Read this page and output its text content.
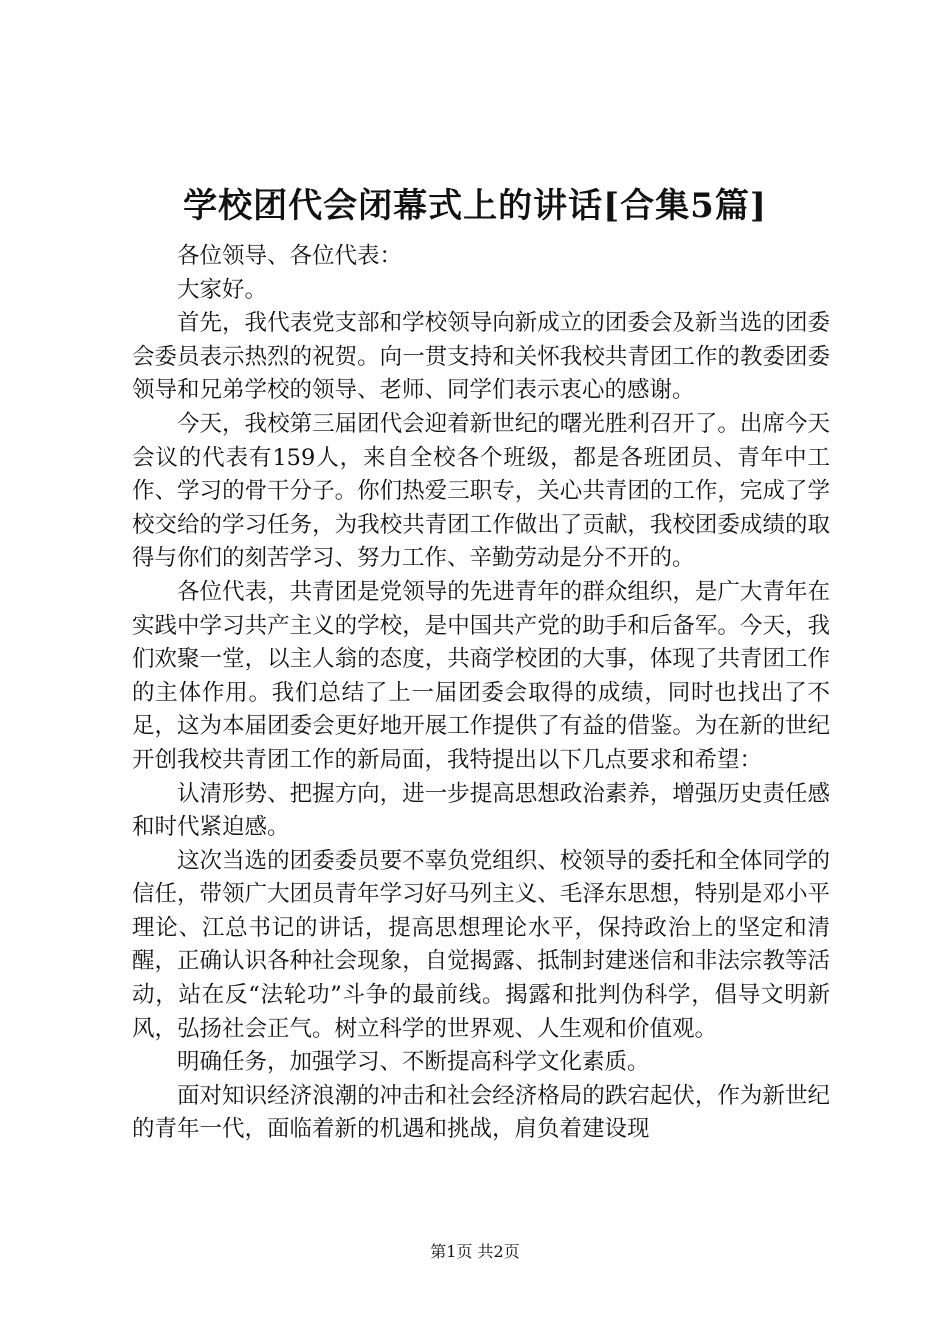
学校团代会闭幕式上的讲话[合集5篇]

各位领导、各位代表：

大家好。

首先，我代表党支部和学校领导向新成立的团委会及新当选的团委会委员表示热烈的祝贺。向一贯支持和关怀我校共青团工作的教委团委领导和兄弟学校的领导、老师、同学们表示衷心的感谢。

今天，我校第三届团代会迎着新世纪的曙光胜利召开了。出席今天会议的代表有159人，来自全校各个班级，都是各班团员、青年中工作、学习的骨干分子。你们热爱三职专，关心共青团的工作，完成了学校交给的学习任务，为我校共青团工作做出了贡献，我校团委成绩的取得与你们的刻苦学习、努力工作、辛勤劳动是分不开的。

各位代表，共青团是党领导的先进青年的群众组织，是广大青年在实践中学习共产主义的学校，是中国共产党的助手和后备军。今天，我们欢聚一堂，以主人翁的态度，共商学校团的大事，体现了共青团工作的主体作用。我们总结了上一届团委会取得的成绩，同时也找出了不足，这为本届团委会更好地开展工作提供了有益的借鉴。为在新的世纪开创我校共青团工作的新局面，我特提出以下几点要求和希望：

认清形势、把握方向，进一步提高思想政治素养，增强历史责任感和时代紧迫感。

这次当选的团委委员要不辜负党组织、校领导的委托和全体同学的信任，带领广大团员青年学习好马列主义、毛泽东思想，特别是邓小平理论、江总书记的讲话，提高思想理论水平，保持政治上的坚定和清醒，正确认识各种社会现象，自觉揭露、抵制封建迷信和非法宗教等活动，站在反“法轮功”斗争的最前线。揭露和批判伪科学，倡导文明新风，弘扬社会正气。树立科学的世界观、人生观和价值观。

明确任务，加强学习、不断提高科学文化素质。

面对知识经济浪潮的冲击和社会经济格局的跌宕起伏，作为新世纪的青年一代，面临着新的机遇和挑战，肩负着建设现

第1页 共2页
